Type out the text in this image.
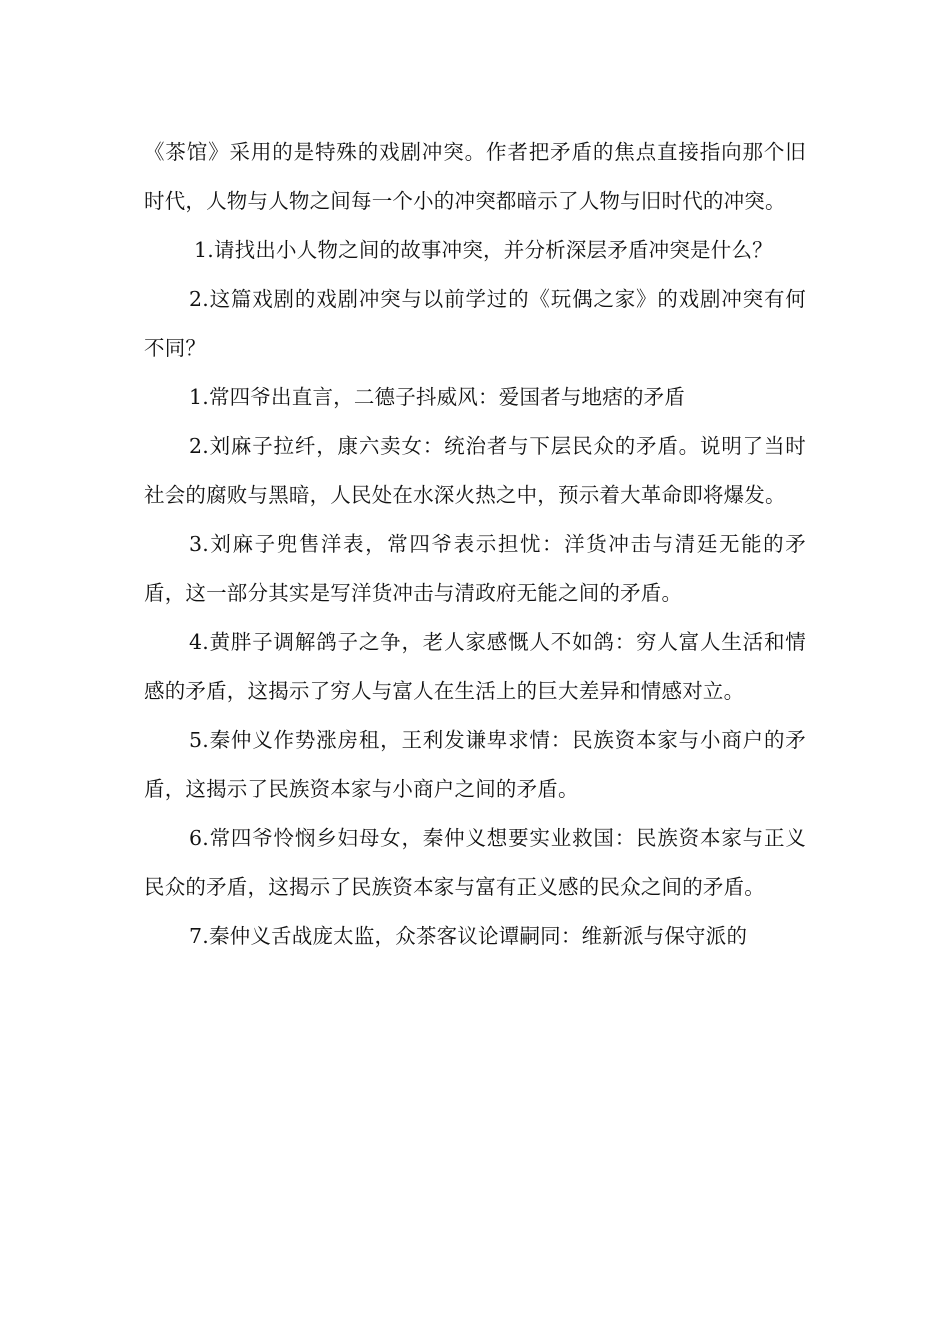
《茶馆》采用的是特殊的戏剧冲突。作者把矛盾的焦点直接指向那个旧时代，人物与人物之间每一个小的冲突都暗示了人物与旧时代的冲突。

1.请找出小人物之间的故事冲突，并分析深层矛盾冲突是什么？

2.这篇戏剧的戏剧冲突与以前学过的《玩偶之家》的戏剧冲突有何不同？

1.常四爷出直言，二德子抖威风：爱国者与地痞的矛盾

2.刘麻子拉纤，康六卖女：统治者与下层民众的矛盾。说明了当时社会的腐败与黑暗，人民处在水深火热之中，预示着大革命即将爆发。

3.刘麻子兜售洋表，常四爷表示担忧：洋货冲击与清廷无能的矛盾，这一部分其实是写洋货冲击与清政府无能之间的矛盾。

4.黄胖子调解鸽子之争，老人家感慨人不如鸽：穷人富人生活和情感的矛盾，这揭示了穷人与富人在生活上的巨大差异和情感对立。

5.秦仲义作势涨房租，王利发谦卑求情：民族资本家与小商户的矛盾，这揭示了民族资本家与小商户之间的矛盾。

6.常四爷怜悯乡妇母女，秦仲义想要实业救国：民族资本家与正义民众的矛盾，这揭示了民族资本家与富有正义感的民众之间的矛盾。

7.秦仲义舌战庞太监，众茶客议论谭嗣同：维新派与保守派的
